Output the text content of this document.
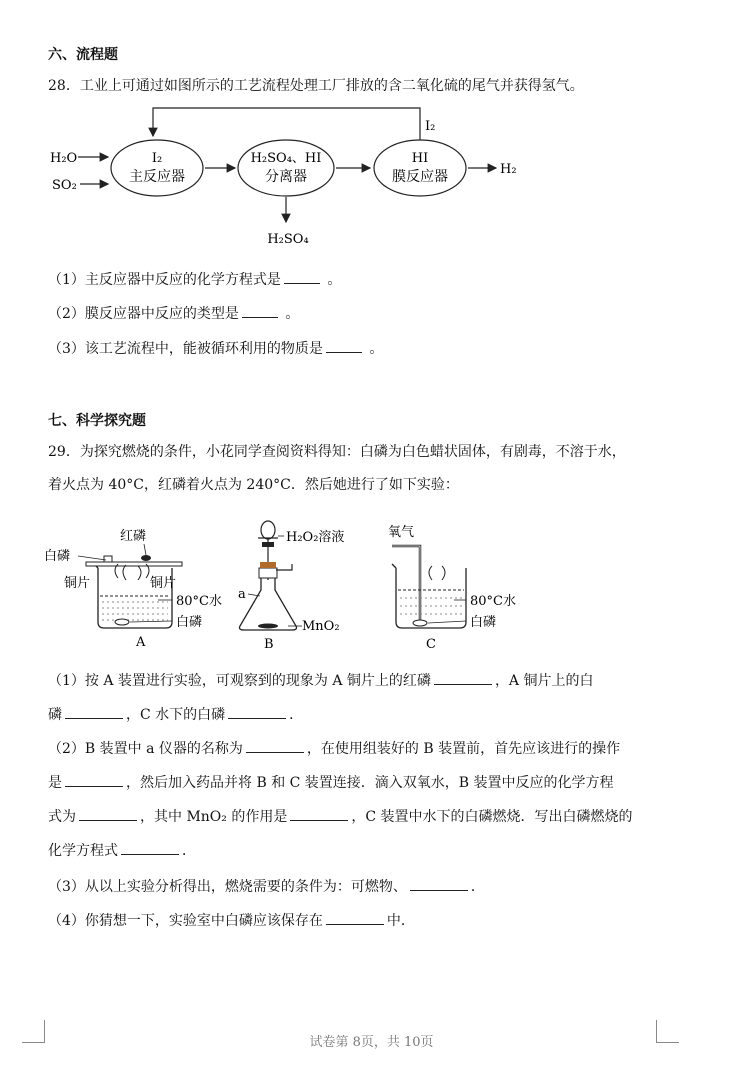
六、流程题
28．工业上可通过如图所示的工艺流程处理工厂排放的含二氧化硫的尾气并获得氢气。
H₂O
SO₂
I₂
主反应器
H₂SO₄、HI
分离器
H₂SO₄
HI
膜反应器	H₂
I₂
（1）主反应器中反应的化学方程式是	。
（2）膜反应器中反应的类型是	。
（3）该工艺流程中，能被循环利用的物质是	。
七、科学探究题
29．为探究燃烧的条件，小花同学查阅资料得知：白磷为白色蜡状固体，有剧毒，不溶于水，
着火点为 40°C，红磷着火点为 240°C．然后她进行了如下实验：
红磷
白磷
铜片	铜片
80°C水
白磷
A
H₂O₂溶液
a
MnO₂
B
氧气
80°C水
白磷
C
（1）按 A 装置进行实验，可观察到的现象为 A 铜片上的红磷	，A 铜片上的白
磷	，C 水下的白磷	．
（2）B 装置中 a 仪器的名称为	，在使用组装好的 B 装置前，首先应该进行的操作
是	，然后加入药品并将 B 和 C 装置连接．滴入双氧水，B 装置中反应的化学方程
式为	，其中 MnO₂ 的作用是	，C 装置中水下的白磷燃烧．写出白磷燃烧的
化学方程式	．
（3）从以上实验分析得出，燃烧需要的条件为：可燃物、	．
（4）你猜想一下，实验室中白磷应该保存在	中．
试卷第 8页，共 10页
